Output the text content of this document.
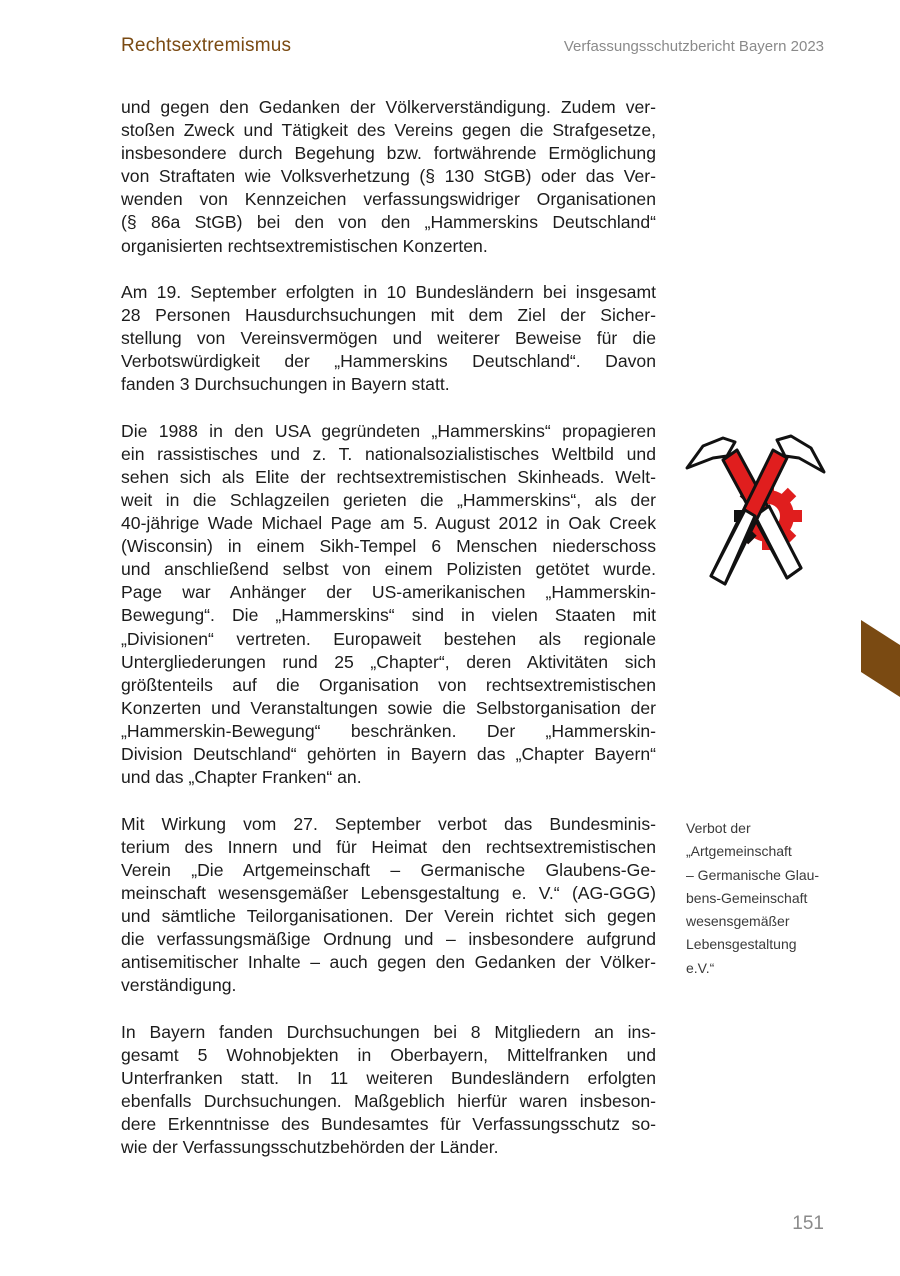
Rechtsextremismus	Verfassungsschutzbericht Bayern 2023

und gegen den Gedanken der Völkerverständigung. Zudem ver-
stoßen Zweck und Tätigkeit des Vereins gegen die Strafgesetze,
insbesondere durch Begehung bzw. fortwährende Ermöglichung
von Straftaten wie Volksverhetzung (§ 130 StGB) oder das Ver-
wenden von Kennzeichen verfassungswidriger Organisationen
(§ 86a StGB) bei den von den „Hammerskins Deutschland“
organisierten rechtsextremistischen Konzerten.

Am 19. September erfolgten in 10 Bundesländern bei insgesamt
28 Personen Hausdurchsuchungen mit dem Ziel der Sicher-
stellung von Vereinsvermögen und weiterer Beweise für die
Verbotswürdigkeit der „Hammerskins Deutschland“. Davon
fanden 3 Durchsuchungen in Bayern statt.

Die 1988 in den USA gegründeten „Hammerskins“ propagieren
ein rassistisches und z. T. nationalsozialistisches Weltbild und
sehen sich als Elite der rechtsextremistischen Skinheads. Welt-
weit in die Schlagzeilen gerieten die „Hammerskins“, als der
40-jährige Wade Michael Page am 5. August 2012 in Oak Creek
(Wisconsin) in einem Sikh-Tempel 6 Menschen niederschoss
und anschließend selbst von einem Polizisten getötet wurde.
Page war Anhänger der US-amerikanischen „Hammerskin-
Bewegung“. Die „Hammerskins“ sind in vielen Staaten mit
„Divisionen“ vertreten. Europaweit bestehen als regionale
Untergliederungen rund 25 „Chapter“, deren Aktivitäten sich
größtenteils auf die Organisation von rechtsextremistischen
Konzerten und Veranstaltungen sowie die Selbstorganisation der
„Hammerskin-Bewegung“ beschränken. Der „Hammerskin-
Division Deutschland“ gehörten in Bayern das „Chapter Bayern“
und das „Chapter Franken“ an.

Mit Wirkung vom 27. September verbot das Bundesminis-
terium des Innern und für Heimat den rechtsextremistischen
Verein „Die Artgemeinschaft – Germanische Glaubens-Ge-
meinschaft wesensgemäßer Lebensgestaltung e. V.“ (AG-GGG)
und sämtliche Teilorganisationen. Der Verein richtet sich gegen
die verfassungsmäßige Ordnung und – insbesondere aufgrund
antisemitischer Inhalte – auch gegen den Gedanken der Völker-
verständigung.

In Bayern fanden Durchsuchungen bei 8 Mitgliedern an ins-
gesamt 5 Wohnobjekten in Oberbayern, Mittelfranken und
Unterfranken statt. In 11 weiteren Bundesländern erfolgten
ebenfalls Durchsuchungen. Maßgeblich hierfür waren insbeson-
dere Erkenntnisse des Bundesamtes für Verfassungsschutz so-
wie der Verfassungsschutzbehörden der Länder.

Verbot der
„Artgemeinschaft
– Germanische Glau-
bens-Gemeinschaft
wesensgemäßer
Lebensgestaltung
e.V.“
151
